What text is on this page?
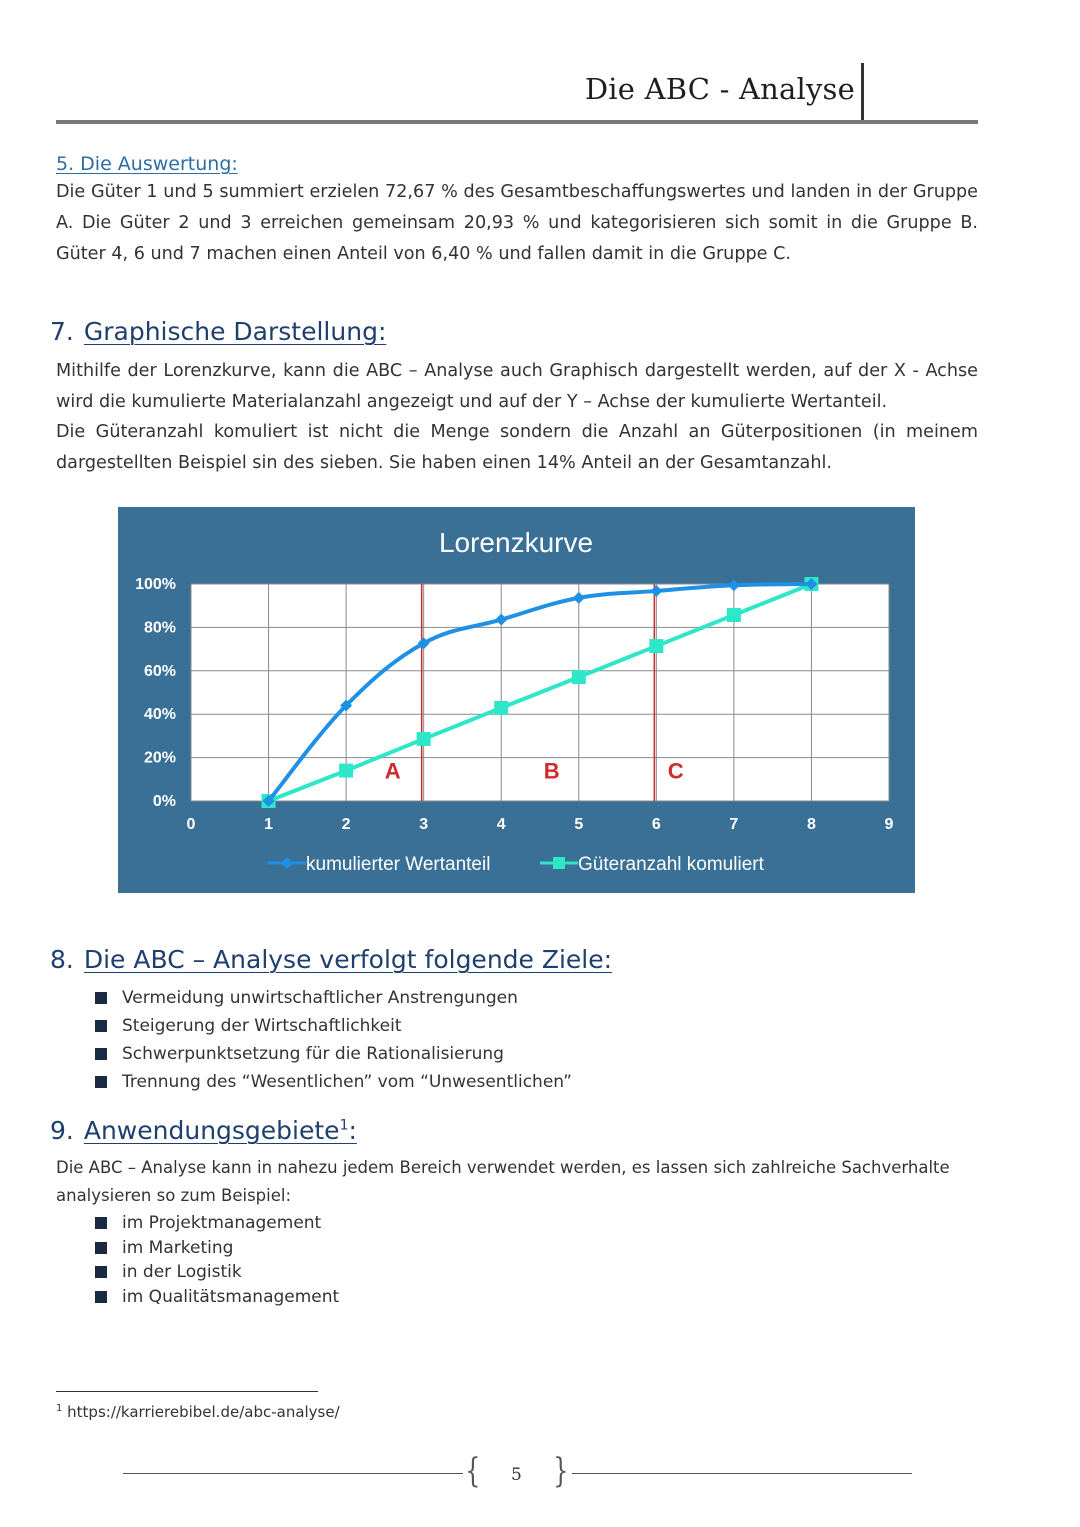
Die ABC - Analyse
5. Die Auswertung:
Die Güter 1 und 5 summiert erzielen 72,67 % des Gesamtbeschaffungswertes und landen in der Gruppe A. Die Güter 2 und 3 erreichen gemeinsam 20,93 % und kategorisieren sich somit in die Gruppe B. Güter 4, 6 und 7 machen einen Anteil von 6,40 % und fallen damit in die Gruppe C.
7. Graphische Darstellung:
Mithilfe der Lorenzkurve, kann die ABC – Analyse auch Graphisch dargestellt werden, auf der X - Achse wird die kumulierte Materialanzahl angezeigt und auf der Y – Achse der kumulierte Wertanteil.
Die Güteranzahl komuliert ist nicht die Menge sondern die Anzahl an Güterpositionen (in meinem dargestellten Beispiel sin des sieben. Sie haben einen 14% Anteil an der Gesamtanzahl.
Lorenzkurve
100%
80%
60%
40%
20%
0%
0	1	2	3	4	5	6	7	8	9
A	B	C
kumulierter Wertanteil	Güteranzahl komuliert
8. Die ABC – Analyse verfolgt folgende Ziele:
Vermeidung unwirtschaftlicher Anstrengungen
Steigerung der Wirtschaftlichkeit
Schwerpunktsetzung für die Rationalisierung
Trennung des “Wesentlichen” vom “Unwesentlichen”
9. Anwendungsgebiete$^1$:
Die ABC – Analyse kann in nahezu jedem Bereich verwendet werden, es lassen sich zahlreiche Sachverhalte analysieren so zum Beispiel:
im Projektmanagement
im Marketing
in der Logistik
im Qualitätsmanagement
$^1$ https://karrierebibel.de/abc-analyse/
{ 5 }
